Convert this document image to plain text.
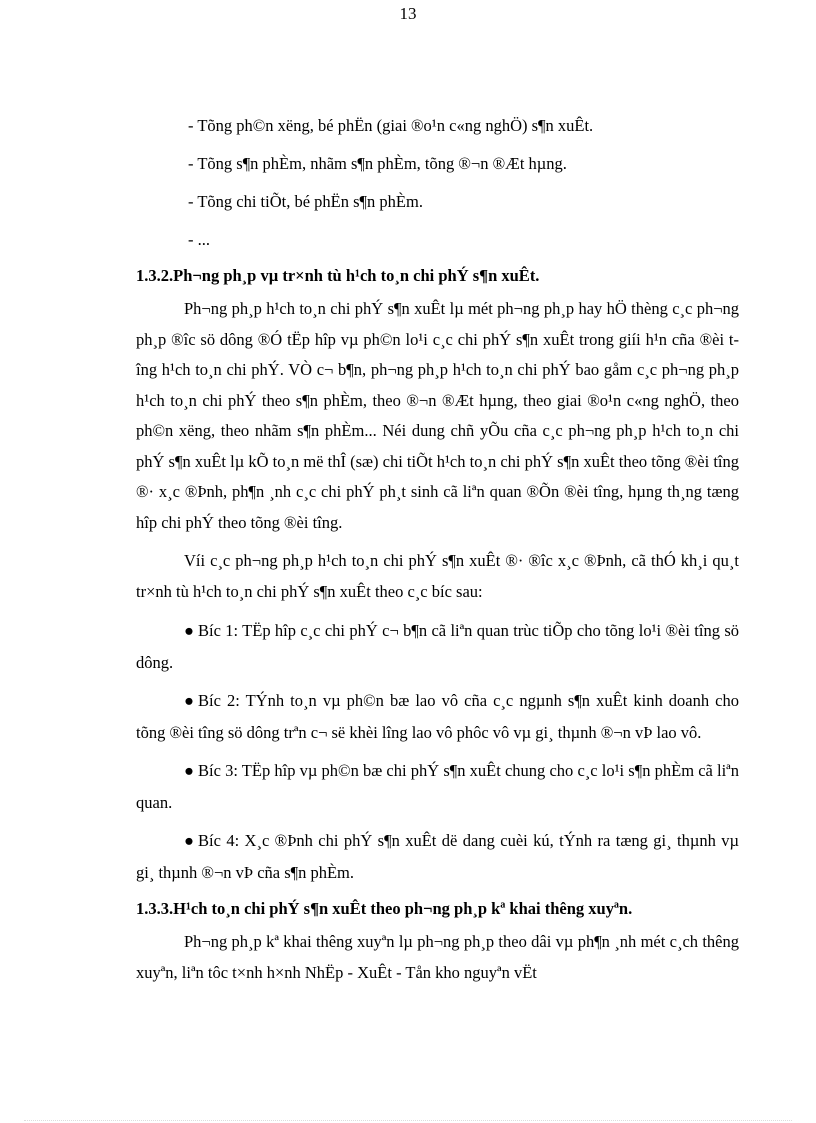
13
- Tõng ph©n xëng, bé phËn (giai ®o¹n c«ng nghÖ) s¶n xuÊt.
- Tõng s¶n phÈm, nhãm s¶n phÈm, tõng ®¬n ®Æt hµng.
- Tõng chi tiÕt, bé phËn s¶n phÈm.
- ...
1.3.2.Ph¬ng ph¸p vµ tr×nh tù h¹ch to¸n chi phÝ s¶n xuÊt.

Ph¬ng ph¸p h¹ch to¸n chi phÝ s¶n xuÊt lµ mét ph¬ng ph¸p hay hÖ thèng c¸c ph¬ng ph¸p ®îc sö dông ®Ó tËp hîp vµ ph©n lo¹i c¸c chi phÝ s¶n xuÊt trong giíi h¹n cña ®èi tîng h¹ch to¸n chi phÝ. VÒ c¬ b¶n, ph¬ng ph¸p h¹ch to¸n chi phÝ bao gåm c¸c ph¬ng ph¸p h¹ch to¸n chi phÝ theo s¶n phÈm, theo ®¬n ®Æt hµng, theo giai ®o¹n c«ng nghÖ, theo ph©n xëng, theo nhãm s¶n phÈm... Néi dung chñ yÕu cña c¸c ph¬ng ph¸p h¹ch to¸n chi phÝ s¶n xuÊt lµ kÕ to¸n më thÎ (sæ) chi tiÕt h¹ch to¸n chi phÝ s¶n xuÊt theo tõng ®èi tîng ®· x¸c ®Þnh, ph¶n ¸nh c¸c chi phÝ ph¸t sinh cã liªn quan ®Õn ®èi tîng, hµng th¸ng tæng hîp chi phÝ theo tõng ®èi tîng.

Víi c¸c ph¬ng ph¸p h¹ch to¸n chi phÝ s¶n xuÊt ®· ®îc x¸c ®Þnh, cã thÓ kh¸i qu¸t tr×nh tù h¹ch to¸n chi phÝ s¶n xuÊt theo c¸c bíc sau:

● Bíc 1: TËp hîp c¸c chi phÝ c¬ b¶n cã liªn quan trùc tiÕp cho tõng lo¹i ®èi tîng sö dông.

● Bíc 2: TÝnh to¸n vµ ph©n bæ lao vô cña c¸c ngµnh s¶n xuÊt kinh doanh cho tõng ®èi tîng sö dông trªn c¬ së khèi lîng lao vô phôc vô vµ gi¸ thµnh ®¬n vÞ lao vô.

● Bíc 3: TËp hîp vµ ph©n bæ chi phÝ s¶n xuÊt chung cho c¸c lo¹i s¶n phÈm cã liªn quan.

● Bíc 4: X¸c ®Þnh chi phÝ s¶n xuÊt dë dang cuèi kú, tÝnh ra tæng gi¸ thµnh vµ gi¸ thµnh ®¬n vÞ cña s¶n phÈm.

1.3.3.H¹ch to¸n chi phÝ s¶n xuÊt theo ph¬ng ph¸p kª khai thêng xuyªn.

Ph¬ng ph¸p kª khai thêng xuyªn lµ ph¬ng ph¸p theo dâi vµ ph¶n ¸nh mét c¸ch thêng xuyªn, liªn tôc t×nh h×nh NhËp - XuÊt - Tån kho nguyªn vËt
